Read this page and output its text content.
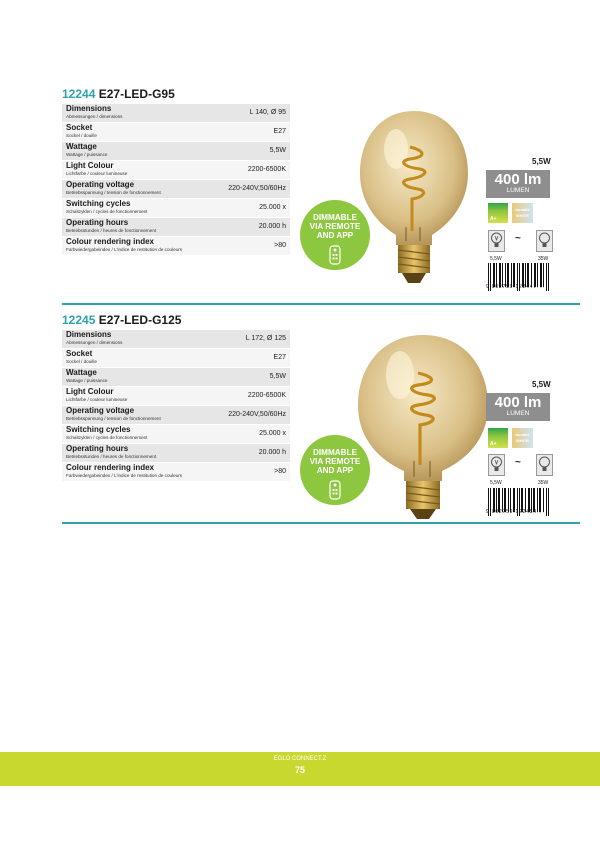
12244 E27-LED-G95
Dimensions
Abmessungen / dimensions
L 140, Ø 95
Socket
Sockel / douille
E27
Wattage
Wattage / puissance
5,5W
Light Colour
Lichtfarbe / couleur lumineuse
2200-6500K
Operating voltage
Betriebsspannung / tension de fonctionnement
220-240V,50/60Hz
Switching cycles
Schaltzyklen / cycles de fonctionnement
25.000 x
Operating hours
Betriebsstunden / heures de fonctionnement
20.000 h
Colour rendering index
Farbwiedergabeindex / L'indice de restitution de couleurs
>80
DIMMABLE
VIA REMOTE
AND APP
5,5W
400 lm
LUMEN
A+
tunable
WHITE
~
5,5W	35W
9 002759 122447
12245 E27-LED-G125
Dimensions
Abmessungen / dimensions
L 172, Ø 125
Socket
Sockel / douille
E27
Wattage
Wattage / puissance
5,5W
Light Colour
Lichtfarbe / couleur lumineuse
2200-6500K
Operating voltage
Betriebsspannung / tension de fonctionnement
220-240V,50/60Hz
Switching cycles
Schaltzyklen / cycles de fonctionnement
25.000 x
Operating hours
Betriebsstunden / heures de fonctionnement
20.000 h
Colour rendering index
Farbwiedergabeindex / L'indice de restitution de couleurs
>80
DIMMABLE
VIA REMOTE
AND APP
5,5W
400 lm
LUMEN
A+
tunable
WHITE
~
5,5W	35W
9 002759 122454
EGLO CONNECT.Z
75
